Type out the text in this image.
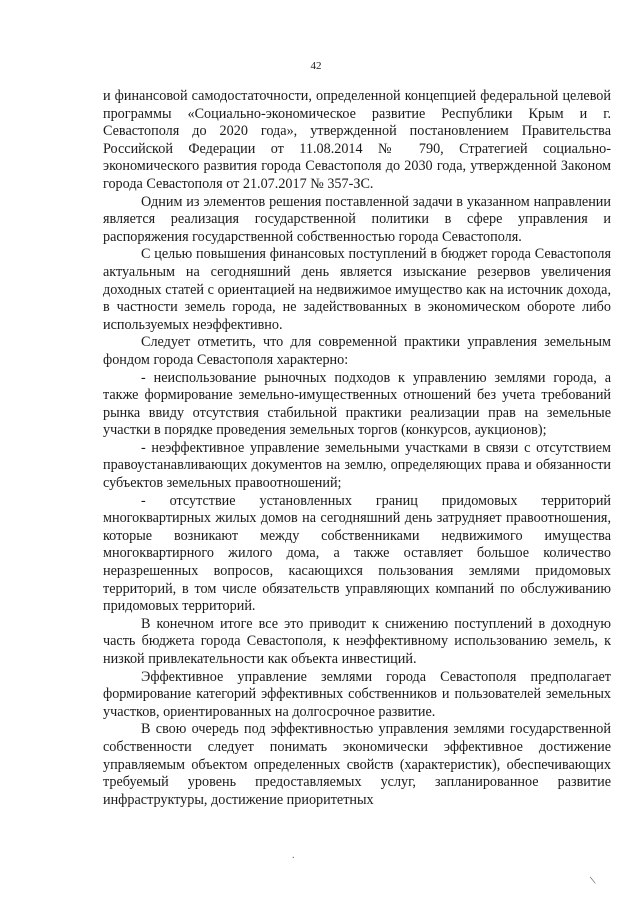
42

и финансовой самодостаточности, определенной концепцией федеральной целевой программы «Социально-экономическое развитие Республики Крым и г. Севастополя до 2020 года», утвержденной постановлением Правительства Российской Федерации от 11.08.2014 № 790, Стратегией социально-экономического развития города Севастополя до 2030 года, утвержденной Законом города Севастополя от 21.07.2017 № 357-ЗС.

Одним из элементов решения поставленной задачи в указанном направлении является реализация государственной политики в сфере управления и распоряжения государственной собственностью города Севастополя.

С целью повышения финансовых поступлений в бюджет города Севастополя актуальным на сегодняшний день является изыскание резервов увеличения доходных статей с ориентацией на недвижимое имущество как на источник дохода, в частности земель города, не задействованных в экономическом обороте либо используемых неэффективно.

Следует отметить, что для современной практики управления земельным фондом города Севастополя характерно:

- неиспользование рыночных подходов к управлению землями города, а также формирование земельно-имущественных отношений без учета требований рынка ввиду отсутствия стабильной практики реализации прав на земельные участки в порядке проведения земельных торгов (конкурсов, аукционов);

- неэффективное управление земельными участками в связи с отсутствием правоустанавливающих документов на землю, определяющих права и обязанности субъектов земельных правоотношений;

- отсутствие установленных границ придомовых территорий многоквартирных жилых домов на сегодняшний день затрудняет правоотношения, которые возникают между собственниками недвижимого имущества многоквартирного жилого дома, а также оставляет большое количество неразрешенных вопросов, касающихся пользования землями придомовых территорий, в том числе обязательств управляющих компаний по обслуживанию придомовых территорий.

В конечном итоге все это приводит к снижению поступлений в доходную часть бюджета города Севастополя, к неэффективному использованию земель, к низкой привлекательности как объекта инвестиций.

Эффективное управление землями города Севастополя предполагает формирование категорий эффективных собственников и пользователей земельных участков, ориентированных на долгосрочное развитие.

В свою очередь под эффективностью управления землями государственной собственности следует понимать экономически эффективное достижение управляемым объектом определенных свойств (характеристик), обеспечивающих требуемый уровень предоставляемых услуг, запланированное развитие инфраструктуры, достижение приоритетных

.
\
